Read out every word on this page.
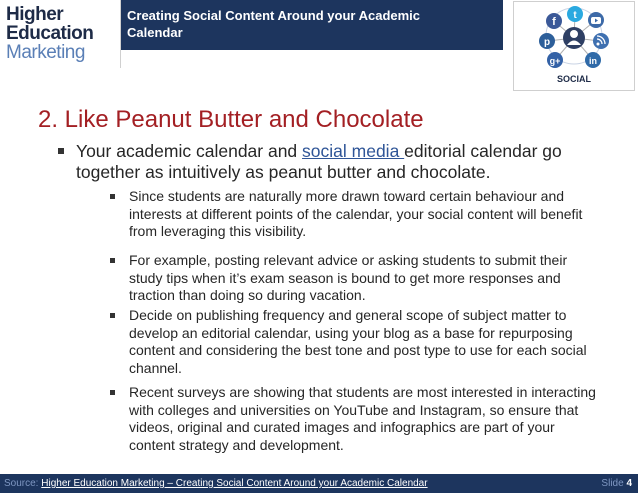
Higher
Education
Marketing
Creating Social Content Around your Academic Calendar
f
t
p
g+	in
SOCIAL
2. Like Peanut Butter and Chocolate
Your academic calendar and social media editorial calendar go together as intuitively as peanut butter and chocolate.
Since students are naturally more drawn toward certain behaviour and interests at different points of the calendar, your social content will benefit from leveraging this visibility.
For example, posting relevant advice or asking students to submit their study tips when it’s exam season is bound to get more responses and traction than doing so during vacation.
Decide on publishing frequency and general scope of subject matter to develop an editorial calendar, using your blog as a base for repurposing content and considering the best tone and post type to use for each social channel.
Recent surveys are showing that students are most interested in interacting with colleges and universities on YouTube and Instagram, so ensure that videos, original and curated images and infographics are part of your content strategy and development.
Source: Higher Education Marketing – Creating Social Content Around your Academic Calendar	Slide 4
